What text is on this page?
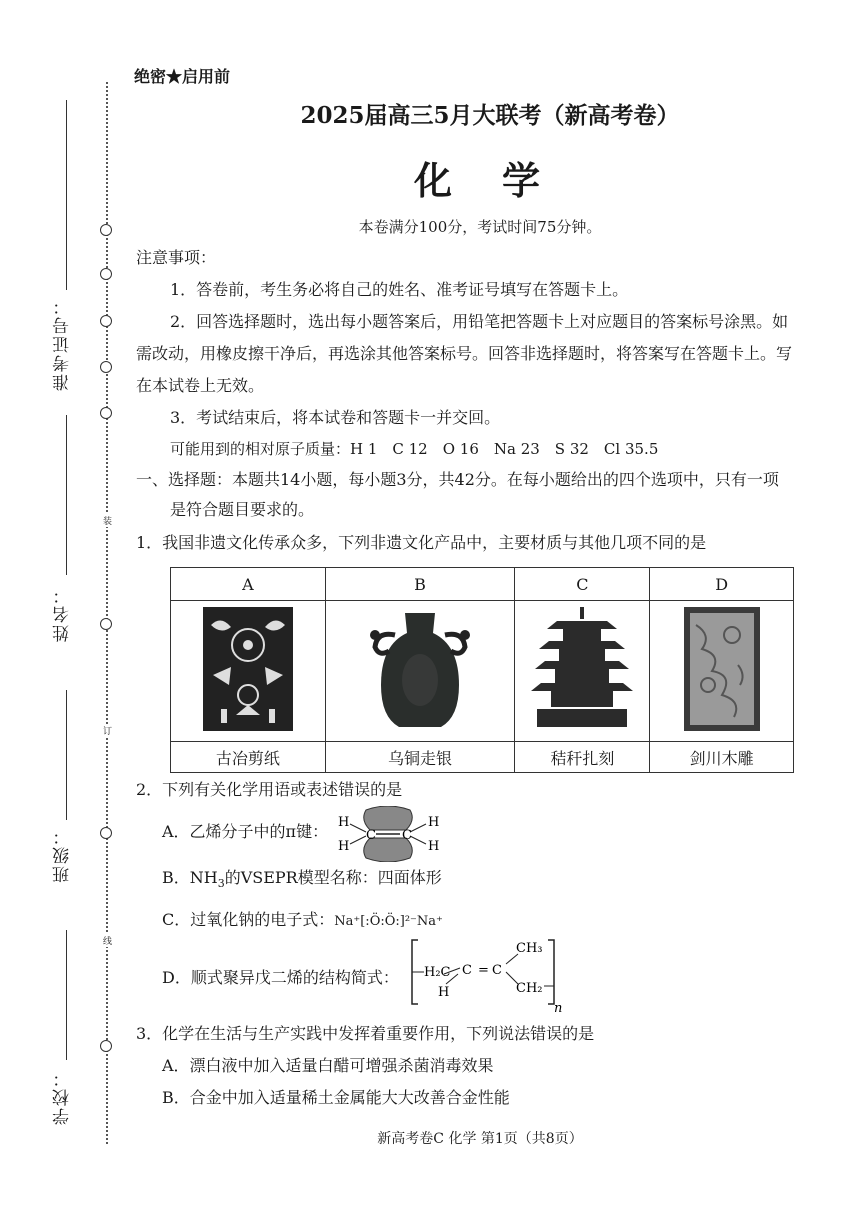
准考证号：
姓名：
班级：
学校：
装
订
线
绝密★启用前
2025届高三5月大联考（新高考卷）
化　学
本卷满分100分，考试时间75分钟。
注意事项：
1．答卷前，考生务必将自己的姓名、准考证号填写在答题卡上。
2．回答选择题时，选出每小题答案后，用铅笔把答题卡上对应题目的答案标号涂黑。如
需改动，用橡皮擦干净后，再选涂其他答案标号。回答非选择题时，将答案写在答题卡上。写
在本试卷上无效。
3．考试结束后，将本试卷和答题卡一并交回。
可能用到的相对原子质量：H 1　C 12　O 16　Na 23　S 32　Cl 35.5
一、选择题：本题共14小题，每小题3分，共42分。在每小题给出的四个选项中，只有一项
是符合题目要求的。
1．我国非遗文化传承众多，下列非遗文化产品中，主要材质与其他几项不同的是
A	B	C	D

古冶剪纸	乌铜走银	秸秆扎刻	剑川木雕
2．下列有关化学用语或表述错误的是
A．乙烯分子中的π键： H
H
C C
H
H
B．$NH_3$的VSEPR模型名称：四面体形
C．过氧化钠的电子式：Na⁺[:Ö:Ö:]²⁻Na⁺
D．顺式聚异戊二烯的结构简式： H₂C C = C
CH₃
H	CH₂
n
3．化学在生活与生产实践中发挥着重要作用，下列说法错误的是
A．漂白液中加入适量白醋可增强杀菌消毒效果
B．合金中加入适量稀土金属能大大改善合金性能
新高考卷C 化学 第1页（共8页）
